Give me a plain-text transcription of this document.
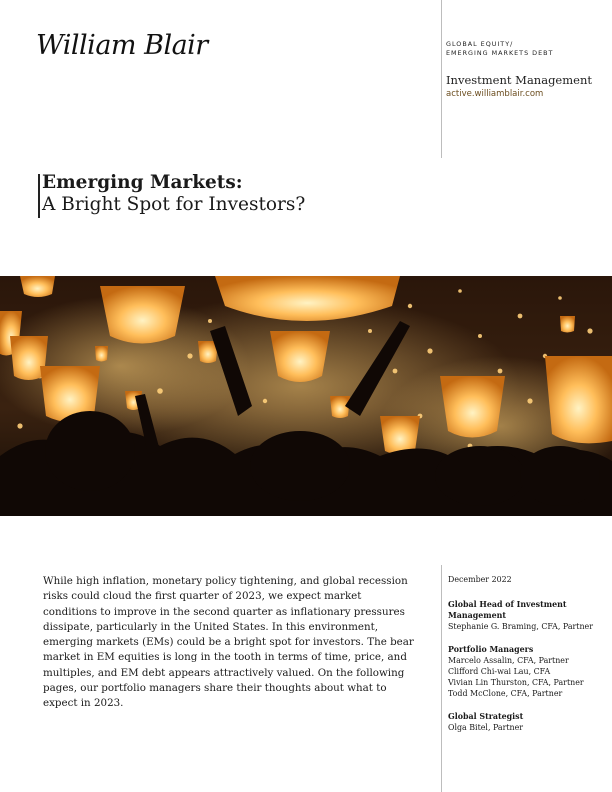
William Blair	GLOBAL EQUITY/
EMERGING MARKETS DEBT
Investment Management
active.williamblair.com
Emerging Markets:
A Bright Spot for Investors?
While high inflation, monetary policy tightening, and global recession risks could cloud the first quarter of 2023, we expect market conditions to improve in the second quarter as inflationary pressures dissipate, particularly in the United States. In this environment, emerging markets (EMs) could be a bright spot for investors. The bear market in EM equities is long in the tooth in terms of time, price, and multiples, and EM debt appears attractively valued. On the following pages, our portfolio managers share their thoughts about what to expect in 2023.
December 2022
Global Head of Investment Management
Stephanie G. Braming, CFA, Partner
Portfolio Managers
Marcelo Assalin, CFA, Partner
Clifford Chi-wai Lau, CFA
Vivian Lin Thurston, CFA, Partner
Todd McClone, CFA, Partner
Global Strategist
Olga Bitel, Partner
